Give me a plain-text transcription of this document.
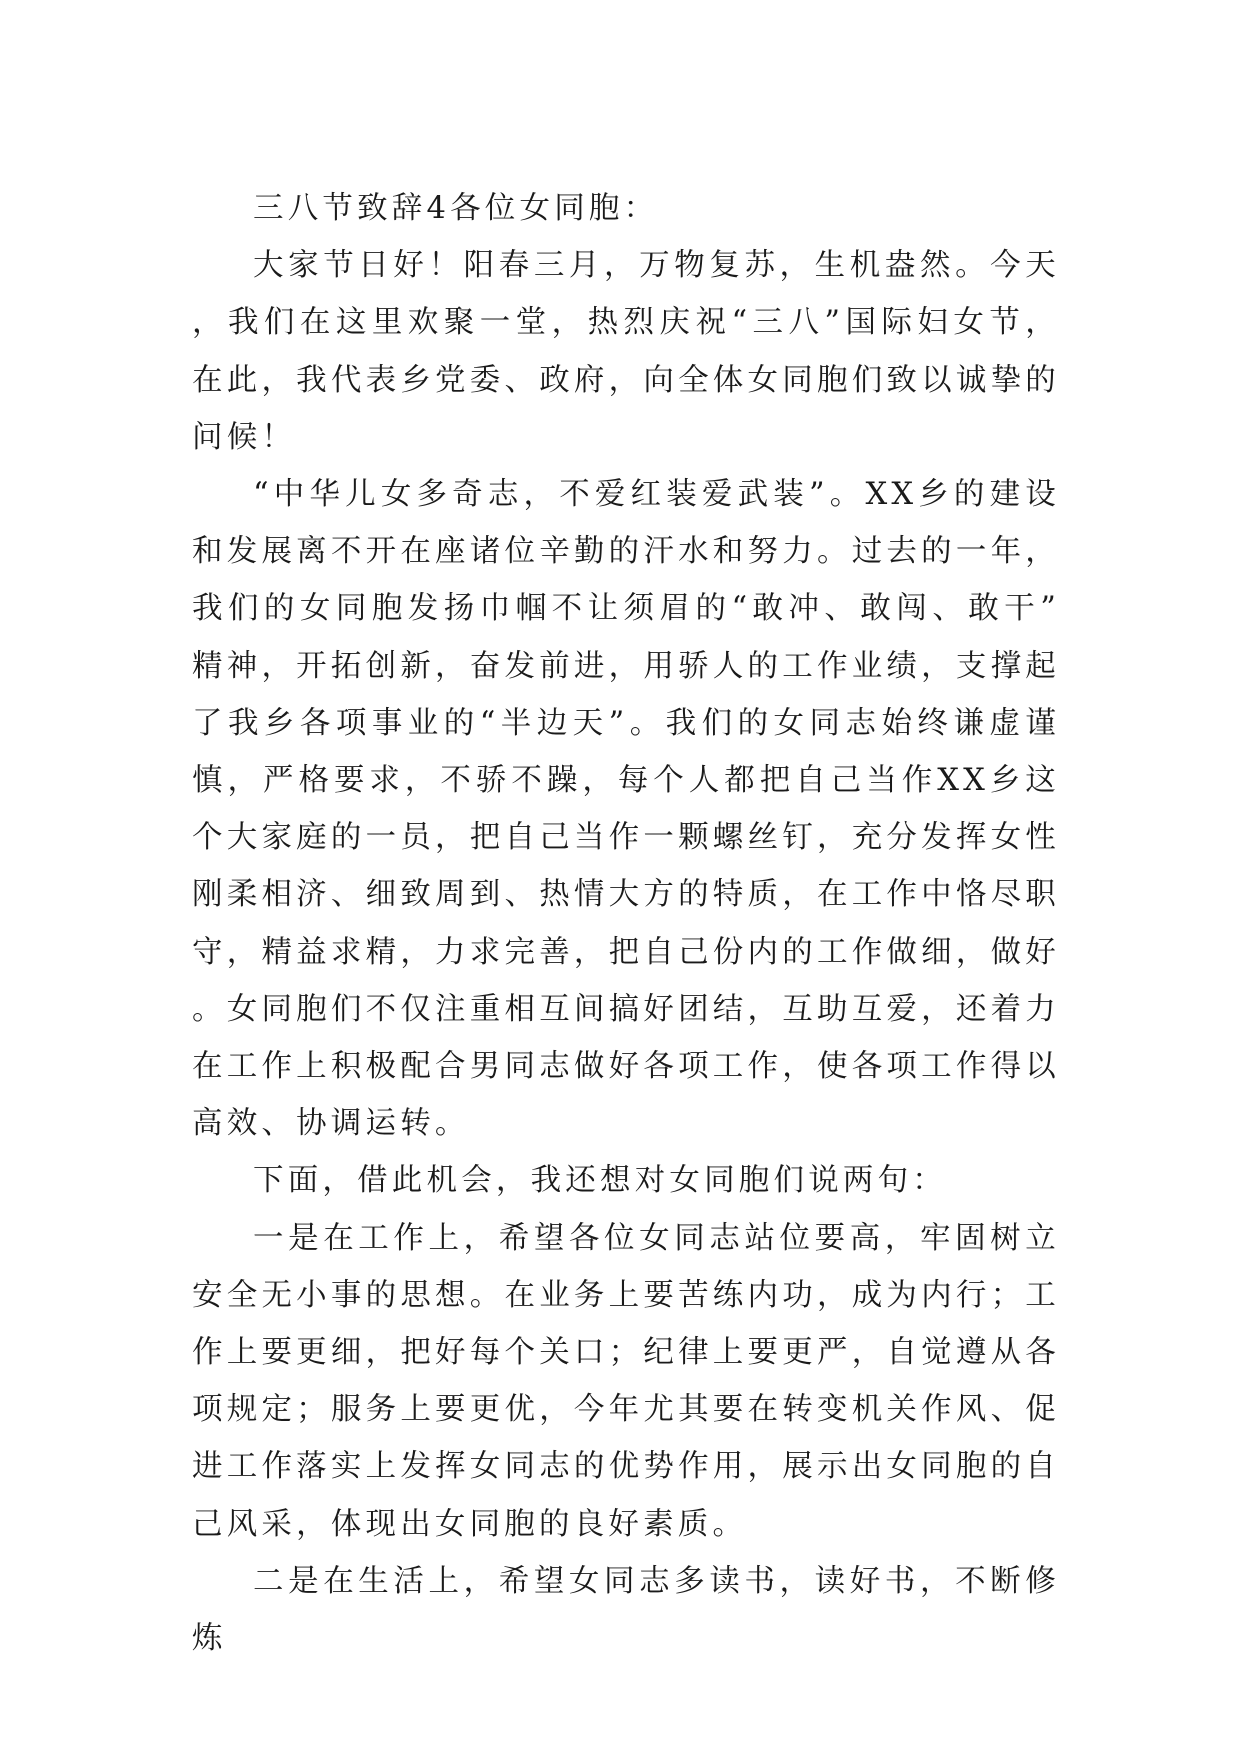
三八节致辞4各位女同胞：

大家节日好！阳春三月，万物复苏，生机盎然。今天，我们在这里欢聚一堂，热烈庆祝“三八”国际妇女节，在此，我代表乡党委、政府，向全体女同胞们致以诚挚的问候！

“中华儿女多奇志，不爱红装爱武装”。XX乡的建设和发展离不开在座诸位辛勤的汗水和努力。过去的一年，我们的女同胞发扬巾帼不让须眉的“敢冲、敢闯、敢干”精神，开拓创新，奋发前进，用骄人的工作业绩，支撑起了我乡各项事业的“半边天”。我们的女同志始终谦虚谨慎，严格要求，不骄不躁，每个人都把自己当作XX乡这个大家庭的一员，把自己当作一颗螺丝钉，充分发挥女性刚柔相济、细致周到、热情大方的特质，在工作中恪尽职守，精益求精，力求完善，把自己份内的工作做细，做好。女同胞们不仅注重相互间搞好团结，互助互爱，还着力在工作上积极配合男同志做好各项工作，使各项工作得以高效、协调运转。

下面，借此机会，我还想对女同胞们说两句：

一是在工作上，希望各位女同志站位要高，牢固树立安全无小事的思想。在业务上要苦练内功，成为内行；工作上要更细，把好每个关口；纪律上要更严，自觉遵从各项规定；服务上要更优，今年尤其要在转变机关作风、促进工作落实上发挥女同志的优势作用，展示出女同胞的自己风采，体现出女同胞的良好素质。

二是在生活上，希望女同志多读书，读好书，不断修炼
